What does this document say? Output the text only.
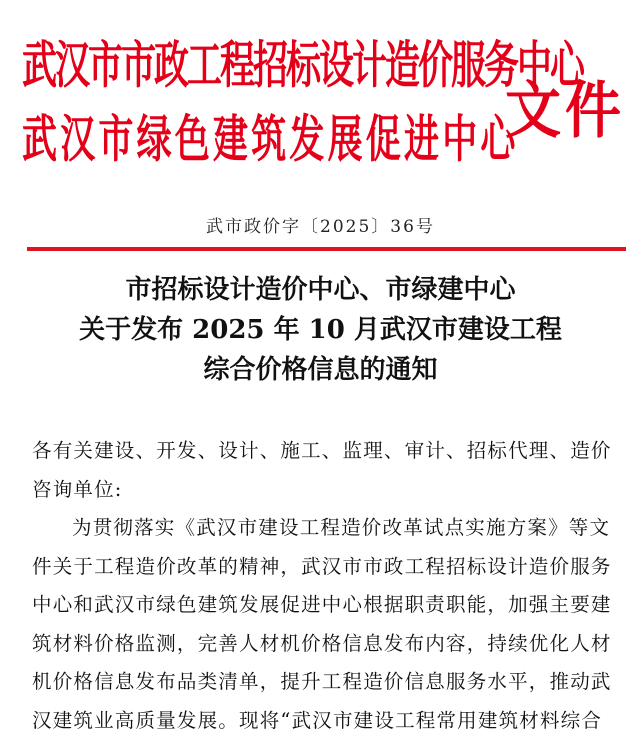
武汉市市政工程招标设计造价服务中心
武汉市绿色建筑发展促进中心
文件
武市政价字〔2025〕36号
市招标设计造价中心、市绿建中心
关于发布 2025 年 10 月武汉市建设工程
综合价格信息的通知
各有关建设、开发、设计、施工、监理、审计、招标代理、造价
咨询单位:
为贯彻落实《武汉市建设工程造价改革试点实施方案》等文
件关于工程造价改革的精神，武汉市市政工程招标设计造价服务
中心和武汉市绿色建筑发展促进中心根据职责职能，加强主要建
筑材料价格监测，完善人材机价格信息发布内容，持续优化人材
机价格信息发布品类清单，提升工程造价信息服务水平，推动武
汉建筑业高质量发展。现将“武汉市建设工程常用建筑材料综合
